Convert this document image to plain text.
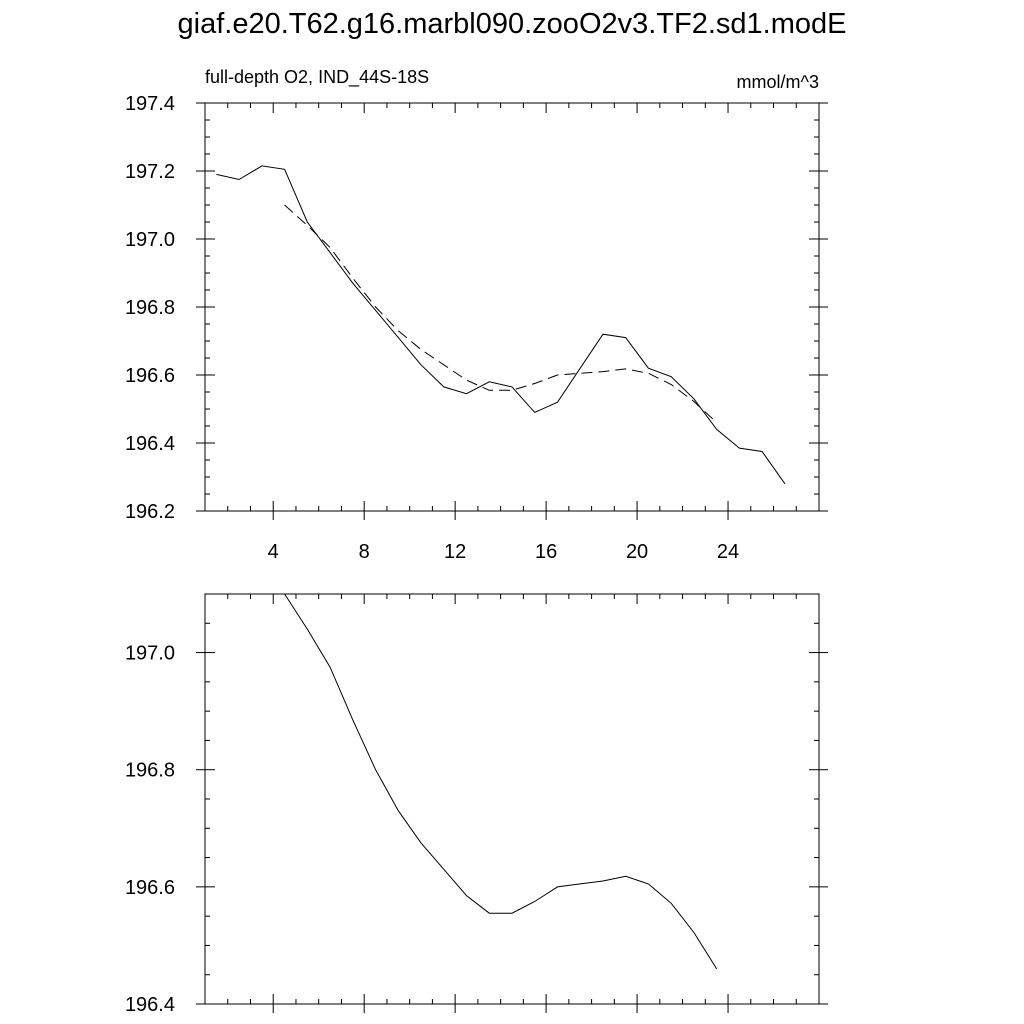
giaf.e20.T62.g16.marbl090.zooO2v3.TF2.sd1.modE
4	8	12	16	20	24
196.2
196.4
196.6
196.8
197.0
197.2
197.4
full-depth O2, IND_44S-18S	mmol/m^3
196.4
196.6
196.8
197.0
